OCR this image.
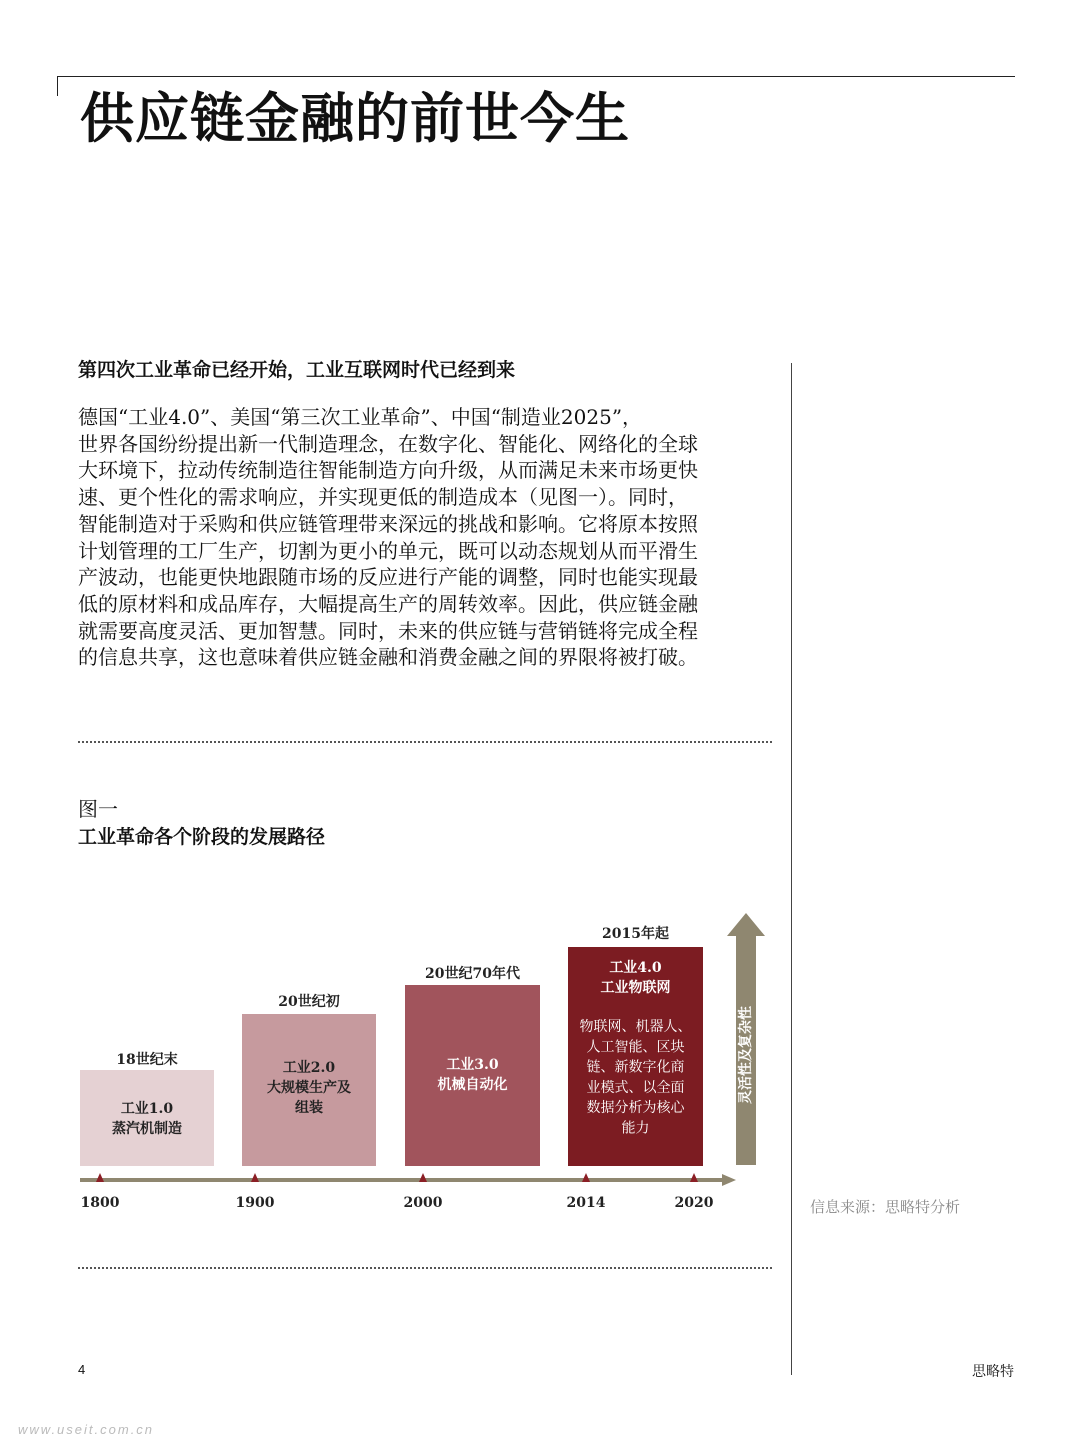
供应链金融的前世今生
第四次工业革命已经开始，工业互联网时代已经到来
德国“工业4.0”、美国“第三次工业革命”、中国“制造业2025”，
世界各国纷纷提出新一代制造理念，在数字化、智能化、网络化的全球
大环境下，拉动传统制造往智能制造方向升级，从而满足未来市场更快
速、更个性化的需求响应，并实现更低的制造成本（见图一）。同时，
智能制造对于采购和供应链管理带来深远的挑战和影响。它将原本按照
计划管理的工厂生产，切割为更小的单元，既可以动态规划从而平滑生
产波动，也能更快地跟随市场的反应进行产能的调整，同时也能实现最
低的原材料和成品库存，大幅提高生产的周转效率。因此，供应链金融
就需要高度灵活、更加智慧。同时，未来的供应链与营销链将完成全程
的信息共享，这也意味着供应链金融和消费金融之间的界限将被打破。
图一
工业革命各个阶段的发展路径
18世纪末
工业1.0
蒸汽机制造
20世纪初
工业2.0
大规模生产及
组装
20世纪70年代
工业3.0
机械自动化
2015年起
工业4.0
工业物联网
物联网、机器人、
人工智能、区块
链、新数字化商
业模式、以全面
数据分析为核心
能力
1800	1900	2000	2014	2020
灵活性及复杂性
信息来源：思略特分析
4	思略特
www.useit.com.cn
